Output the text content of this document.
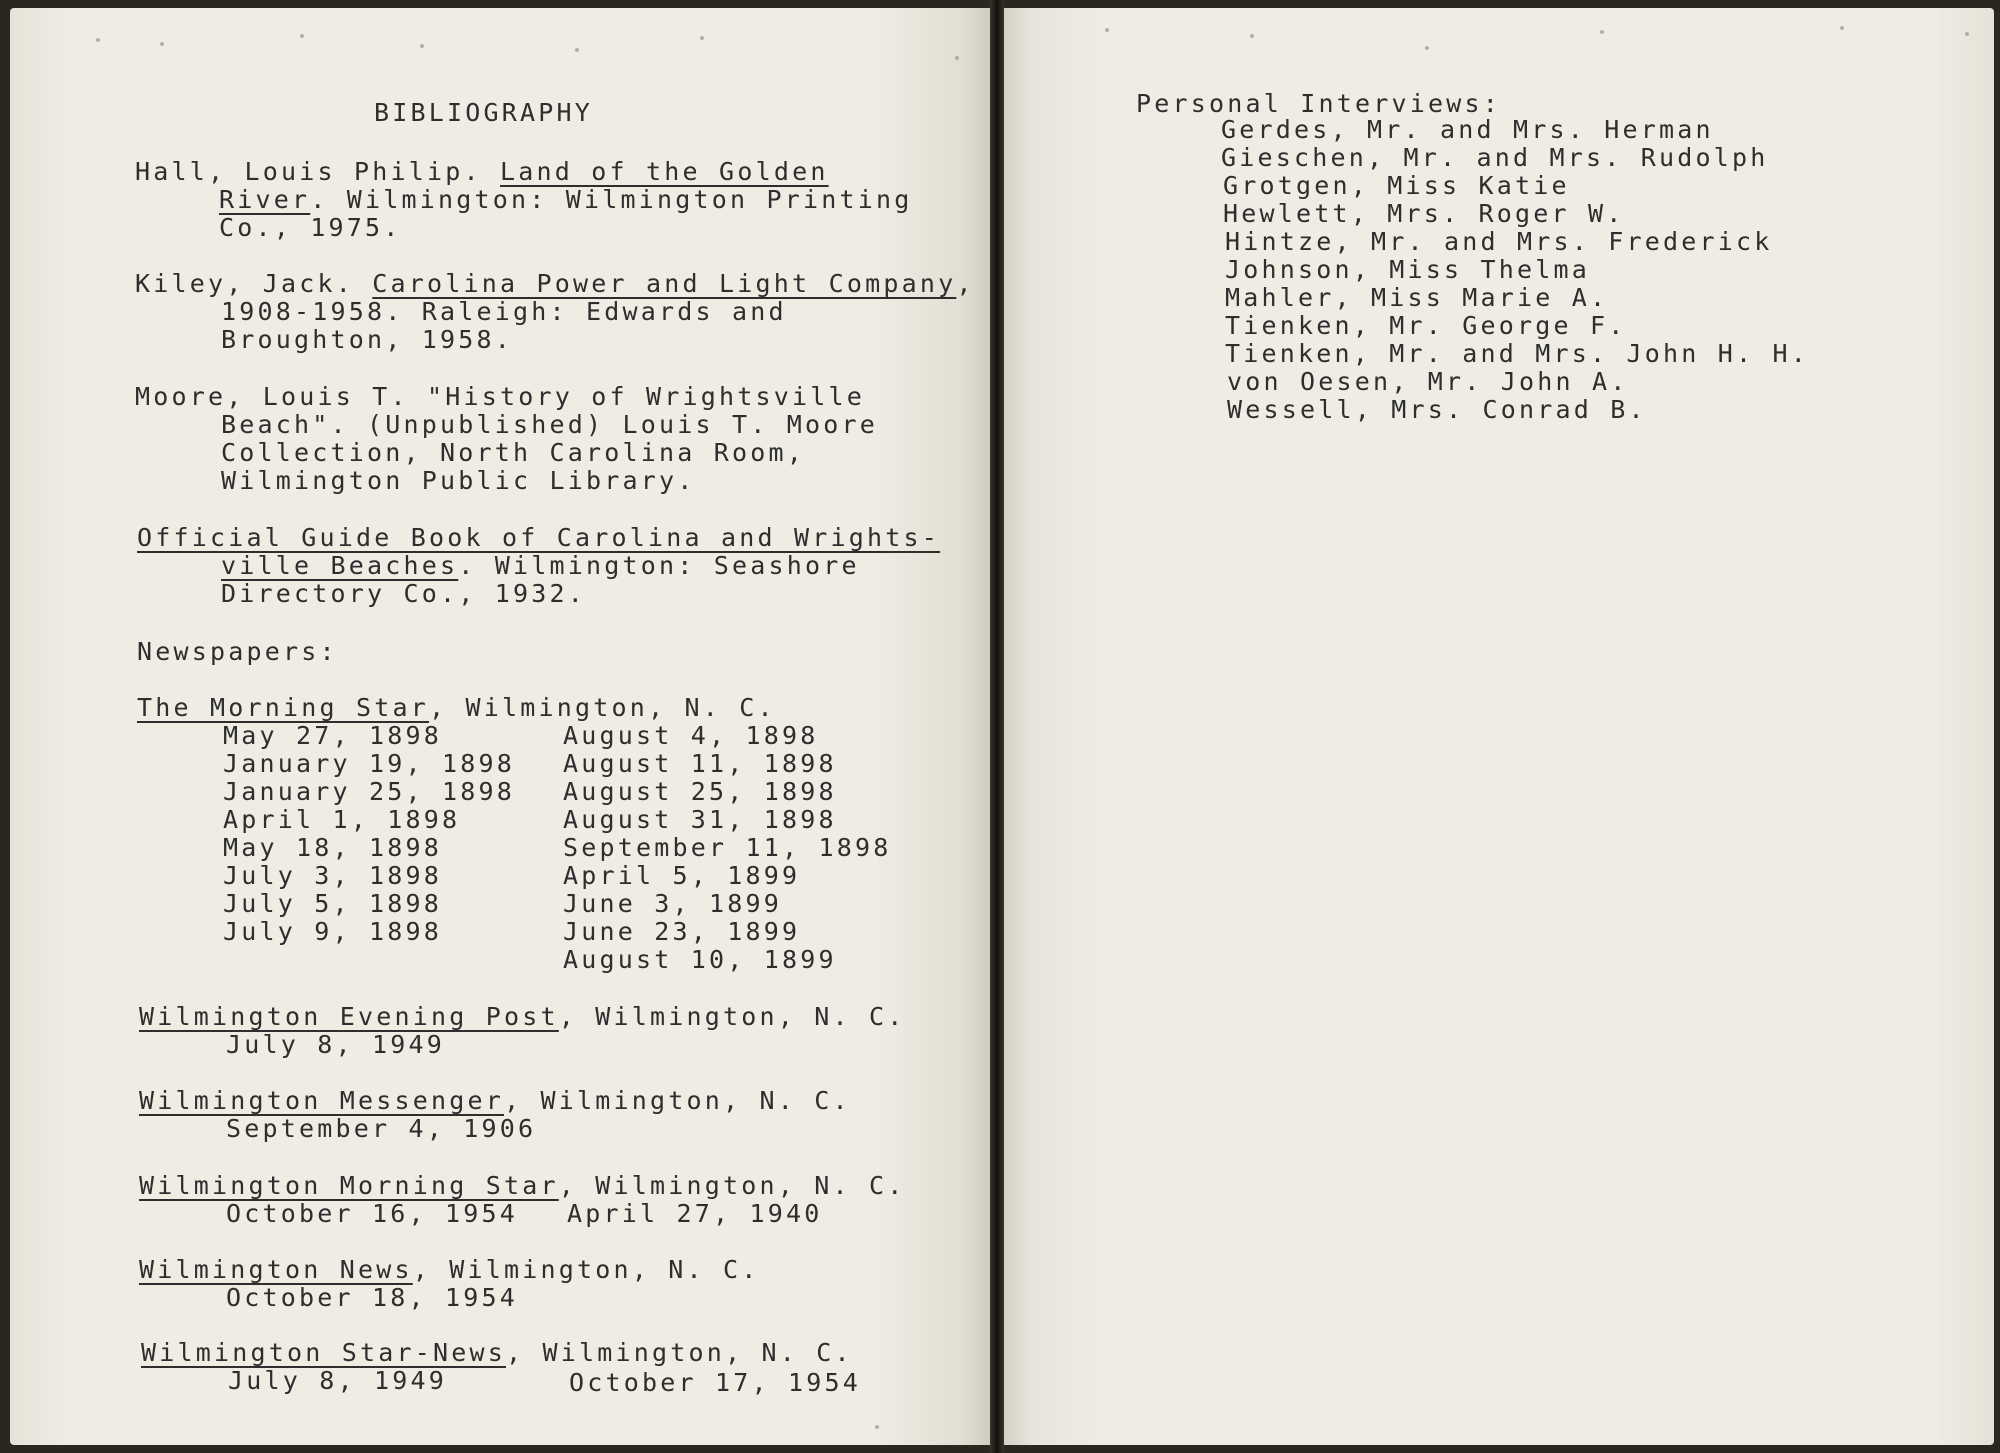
BIBLIOGRAPHY
Hall, Louis Philip. Land of the Golden
River. Wilmington: Wilmington Printing
Co., 1975.
Kiley, Jack. Carolina Power and Light Company,
1908-1958. Raleigh: Edwards and
Broughton, 1958.
Moore, Louis T. "History of Wrightsville
Beach". (Unpublished) Louis T. Moore
Collection, North Carolina Room,
Wilmington Public Library.
Official Guide Book of Carolina and Wrights-
ville Beaches. Wilmington: Seashore
Directory Co., 1932.
Newspapers:
The Morning Star, Wilmington, N. C.
May 27, 1898
January 19, 1898
January 25, 1898
April 1, 1898
May 18, 1898
July 3, 1898
July 5, 1898
July 9, 1898
August 4, 1898
August 11, 1898
August 25, 1898
August 31, 1898
September 11, 1898
April 5, 1899
June 3, 1899
June 23, 1899
August 10, 1899
Wilmington Evening Post, Wilmington, N. C.
July 8, 1949
Wilmington Messenger, Wilmington, N. C.
September 4, 1906
Wilmington Morning Star, Wilmington, N. C.
October 16, 1954 April 27, 1940
Wilmington News, Wilmington, N. C.
October 18, 1954
Wilmington Star-News, Wilmington, N. C.
July 8, 1949	October 17, 1954
Personal Interviews:
Gerdes, Mr. and Mrs. Herman
Gieschen, Mr. and Mrs. Rudolph
Grotgen, Miss Katie
Hewlett, Mrs. Roger W.
Hintze, Mr. and Mrs. Frederick
Johnson, Miss Thelma
Mahler, Miss Marie A.
Tienken, Mr. George F.
Tienken, Mr. and Mrs. John H. H.
von Oesen, Mr. John A.
Wessell, Mrs. Conrad B.
